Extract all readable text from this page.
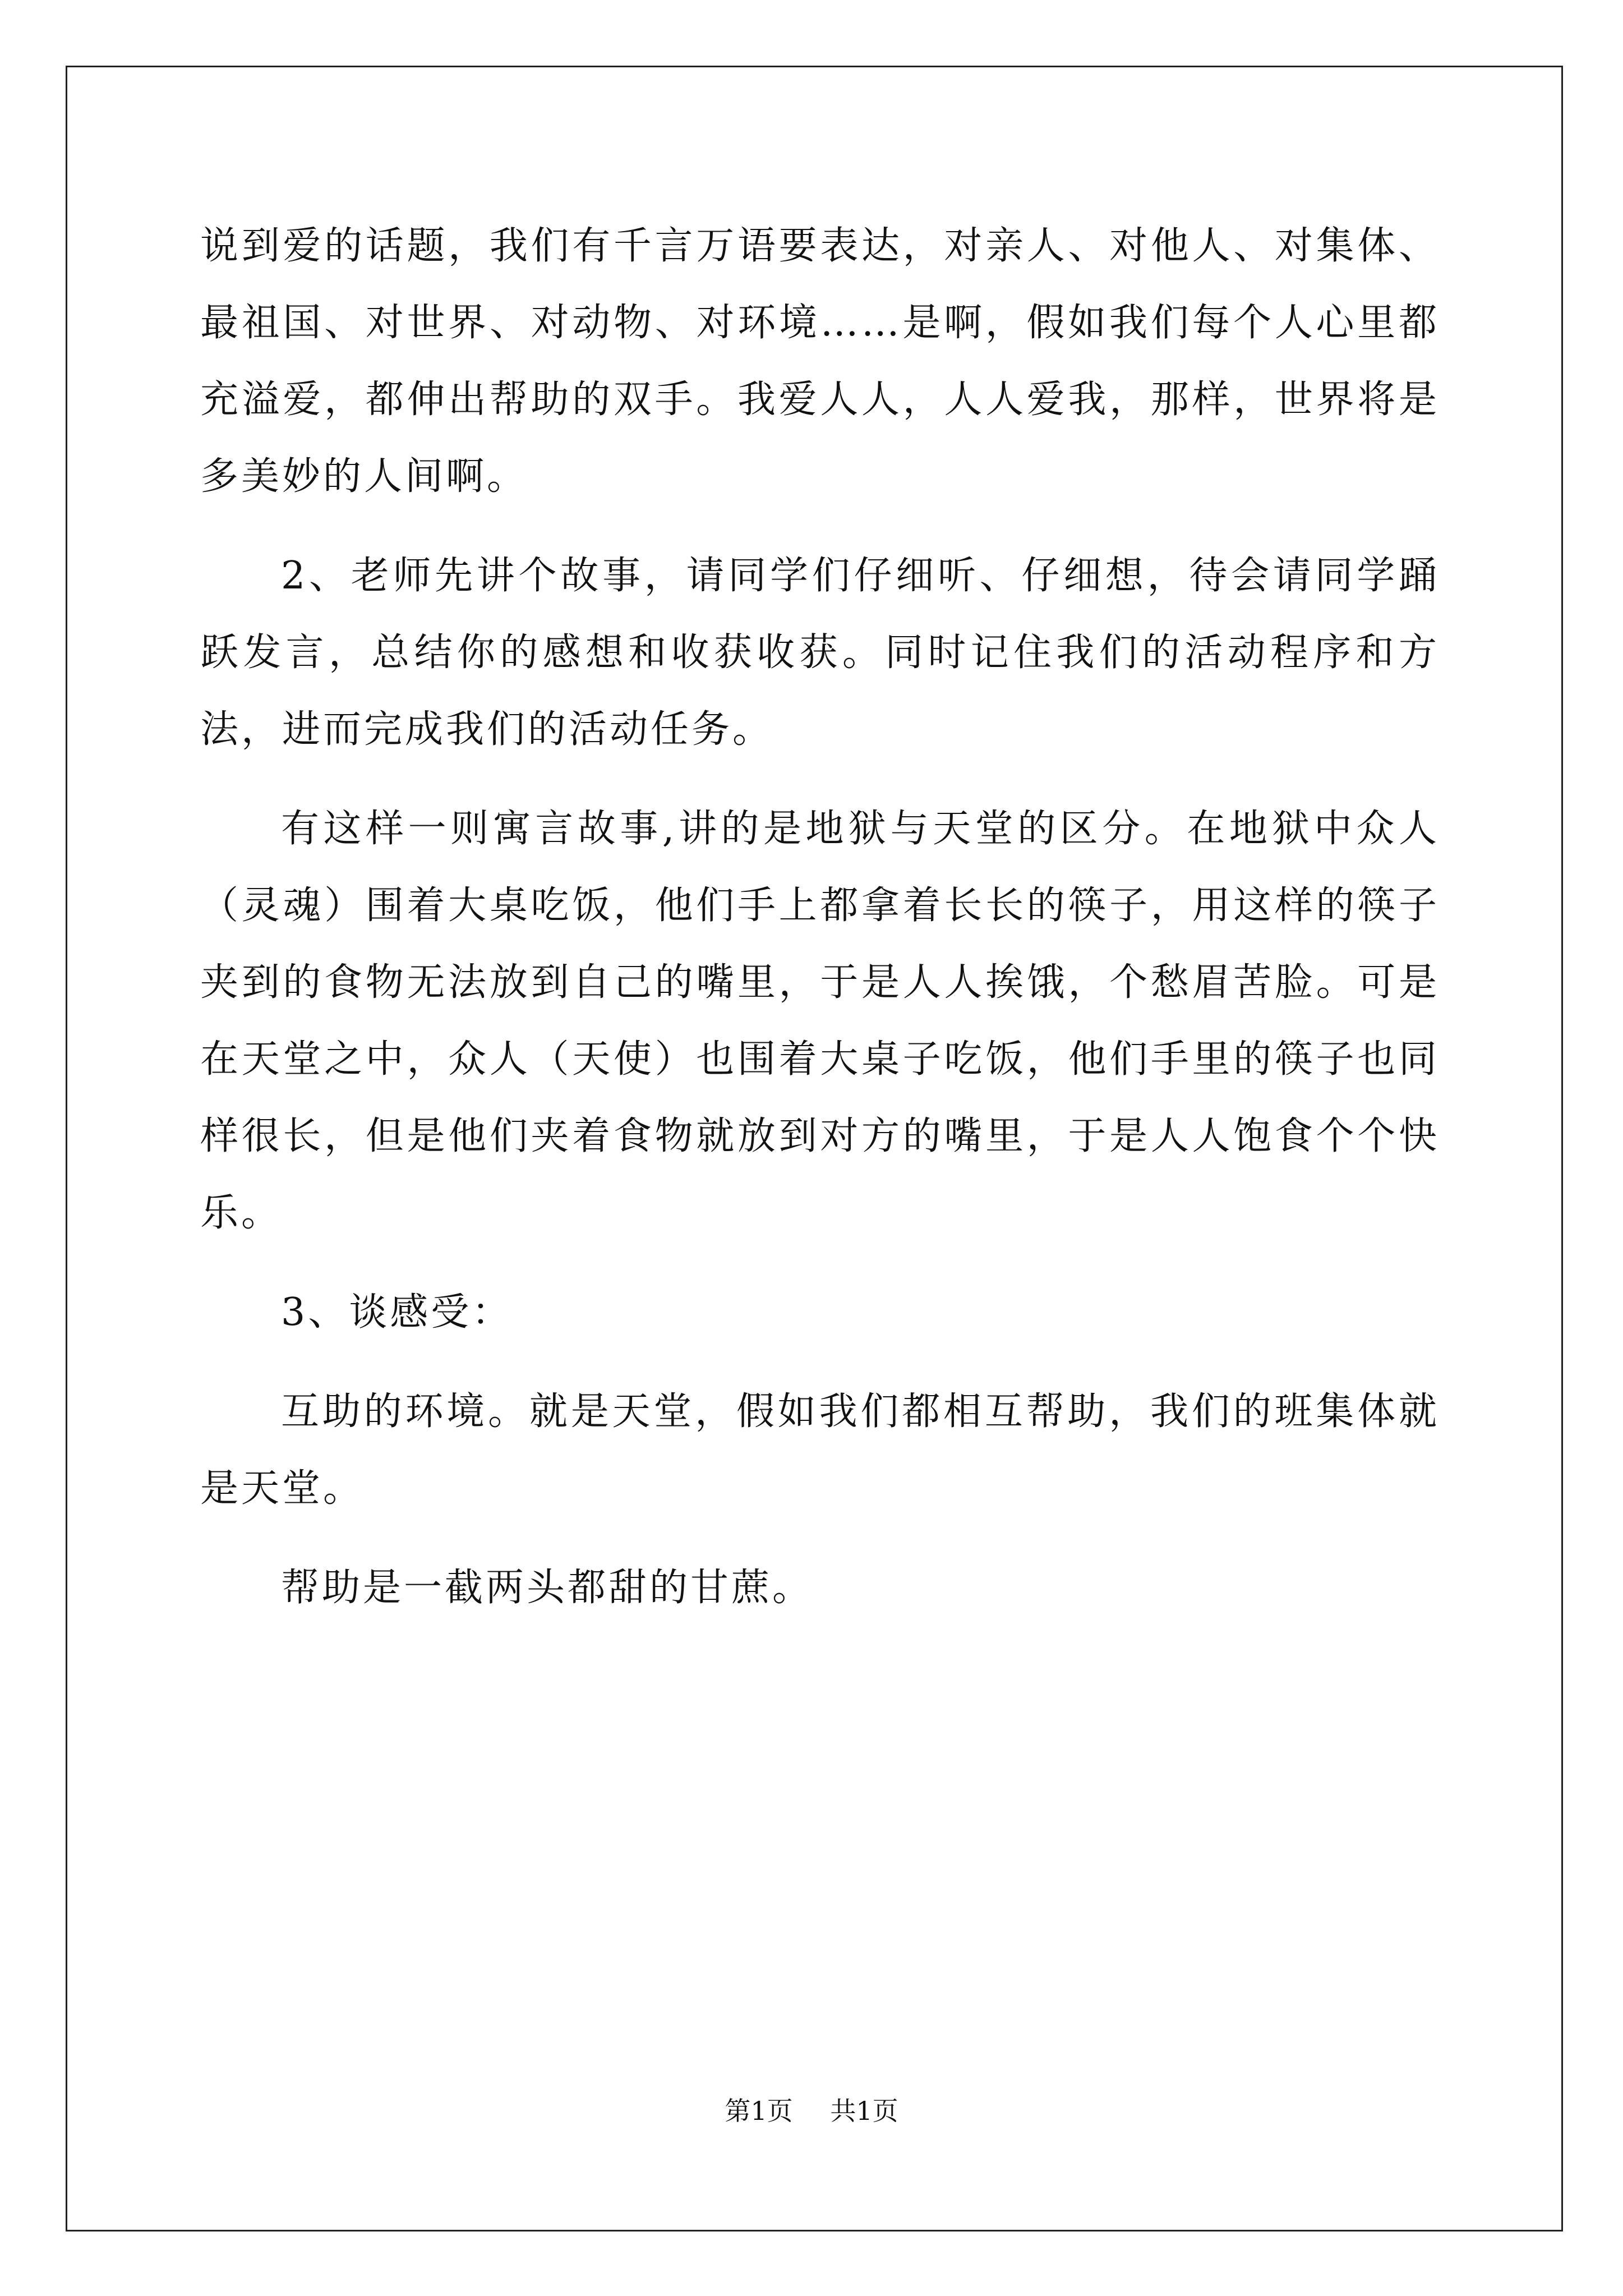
说到爱的话题，我们有千言万语要表达，对亲人、对他人、对集体、最祖国、对世界、对动物、对环境……是啊，假如我们每个人心里都充溢爱，都伸出帮助的双手。我爱人人，人人爱我，那样，世界将是多美妙的人间啊。

2、老师先讲个故事，请同学们仔细听、仔细想，待会请同学踊跃发言，总结你的感想和收获收获。同时记住我们的活动程序和方法，进而完成我们的活动任务。

有这样一则寓言故事,讲的是地狱与天堂的区分。在地狱中众人（灵魂）围着大桌吃饭，他们手上都拿着长长的筷子，用这样的筷子夹到的食物无法放到自己的嘴里，于是人人挨饿，个愁眉苦脸。可是在天堂之中，众人（天使）也围着大桌子吃饭，他们手里的筷子也同样很长，但是他们夹着食物就放到对方的嘴里，于是人人饱食个个快乐。

3、谈感受：

互助的环境。就是天堂，假如我们都相互帮助，我们的班集体就是天堂。

帮助是一截两头都甜的甘蔗。

第1页 共1页
